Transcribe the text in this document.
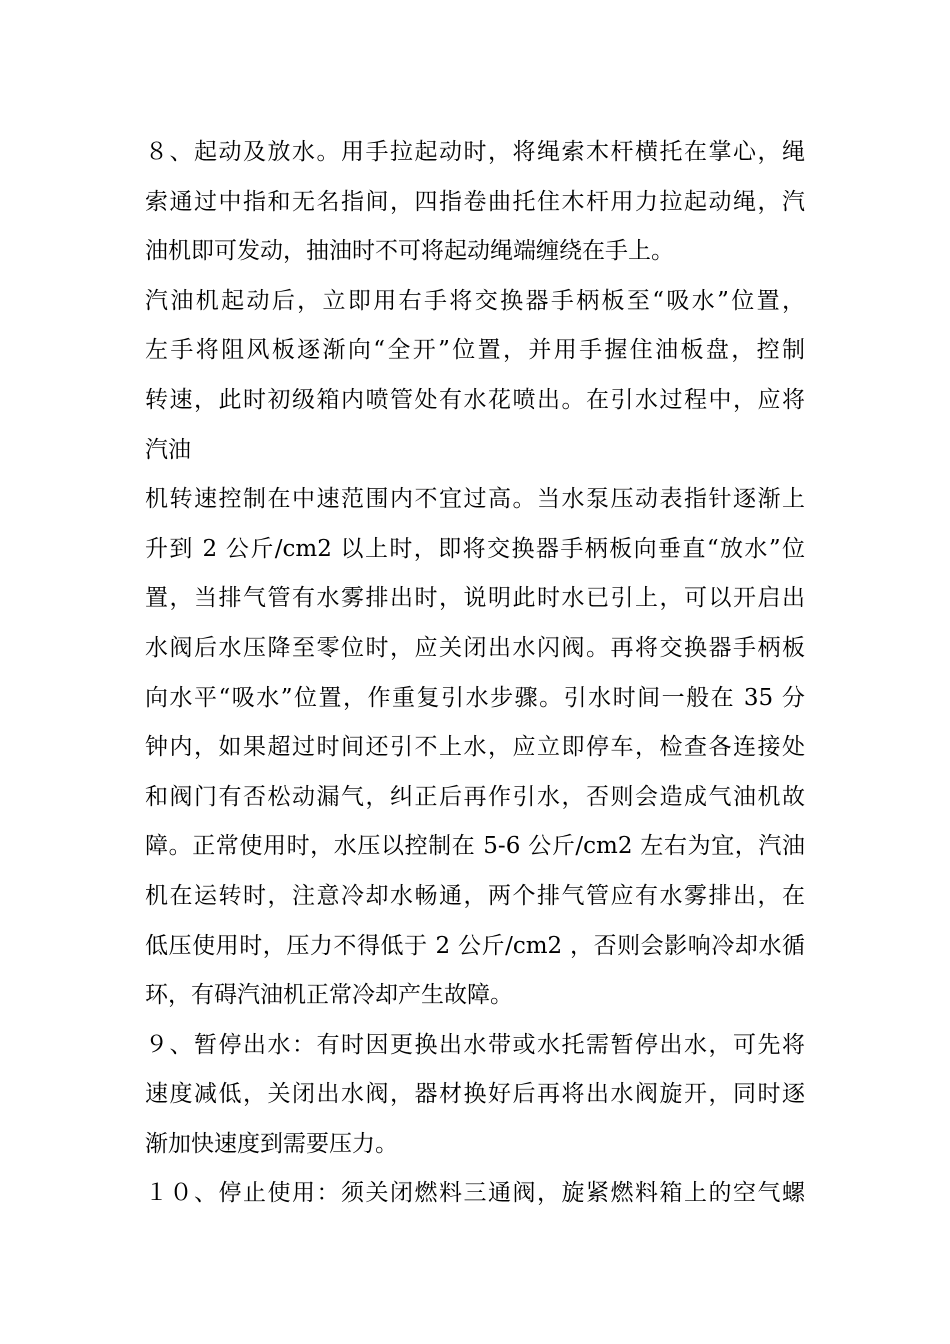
８、起动及放水。用手拉起动时，将绳索木杆横托在掌心，绳
索通过中指和无名指间，四指卷曲托住木杆用力拉起动绳，汽
油机即可发动，抽油时不可将起动绳端缠绕在手上。
汽油机起动后，立即用右手将交换器手柄板至“吸水”位置，
左手将阻风板逐渐向“全开”位置，并用手握住油板盘，控制
转速，此时初级箱内喷管处有水花喷出。在引水过程中，应将
汽油
机转速控制在中速范围内不宜过高。当水泵压动表指针逐渐上
升到 2 公斤/cm2 以上时，即将交换器手柄板向垂直“放水”位
置，当排气管有水雾排出时，说明此时水已引上，可以开启出
水阀后水压降至零位时，应关闭出水闪阀。再将交换器手柄板
向水平“吸水”位置，作重复引水步骤。引水时间一般在 35 分
钟内，如果超过时间还引不上水，应立即停车，检查各连接处
和阀门有否松动漏气，纠正后再作引水，否则会造成气油机故
障。正常使用时，水压以控制在 5-6 公斤/cm2 左右为宜，汽油
机在运转时，注意冷却水畅通，两个排气管应有水雾排出，在
低压使用时，压力不得低于 2 公斤/cm2 ，否则会影响冷却水循
环，有碍汽油机正常冷却产生故障。
９、暂停出水：有时因更换出水带或水托需暂停出水，可先将
速度减低，关闭出水阀，器材换好后再将出水阀旋开，同时逐
渐加快速度到需要压力。
１０、停止使用：须关闭燃料三通阀，旋紧燃料箱上的空气螺
